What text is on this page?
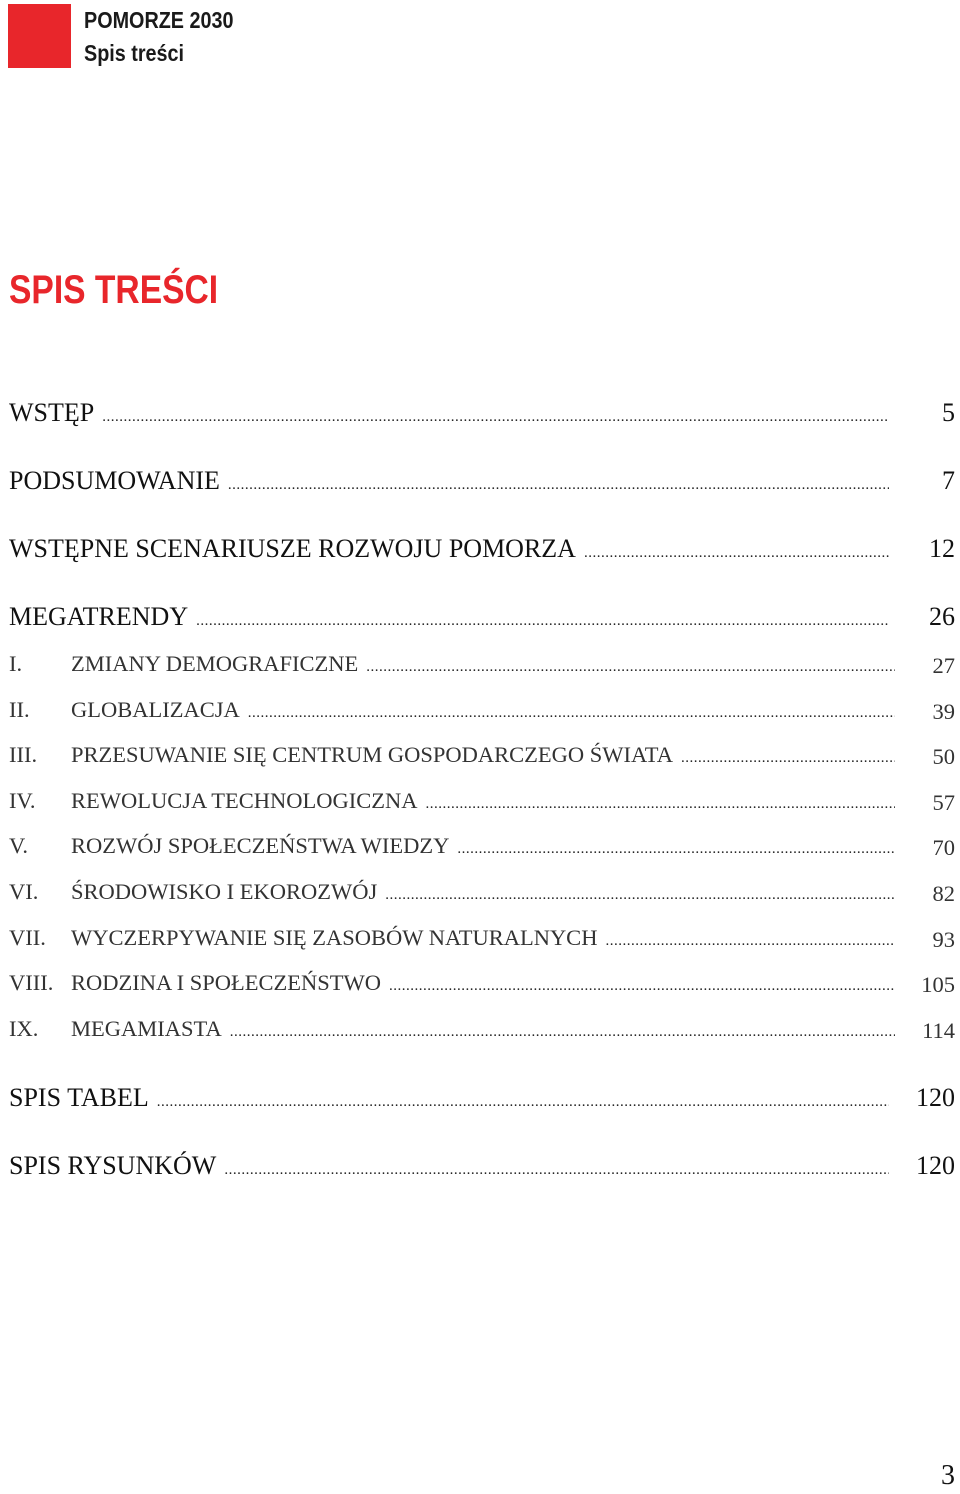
POMORZE 2030
Spis treści
SPIS TREŚCI
WSTĘP .....	5
PODSUMOWANIE .....	7
WSTĘPNE SCENARIUSZE ROZWOJU POMORZA .....	12
MEGATRENDY .....	26
I.	ZMIANY DEMOGRAFICZNE .....	27
II.	GLOBALIZACJA .....	39
III.	PRZESUWANIE SIĘ CENTRUM GOSPODARCZEGO ŚWIATA .....	50
IV.	REWOLUCJA TECHNOLOGICZNA .....	57
V.	ROZWÓJ SPOŁECZEŃSTWA WIEDZY .....	70
VI.	ŚRODOWISKO I EKOROZWÓJ .....	82
VII.	WYCZERPYWANIE SIĘ ZASOBÓW NATURALNYCH .....	93
VIII. RODZINA I SPOŁECZEŃSTWO .....	105
IX.	MEGAMIASTA .....	114
SPIS TABEL .....	120
SPIS RYSUNKÓW .....	120
3
